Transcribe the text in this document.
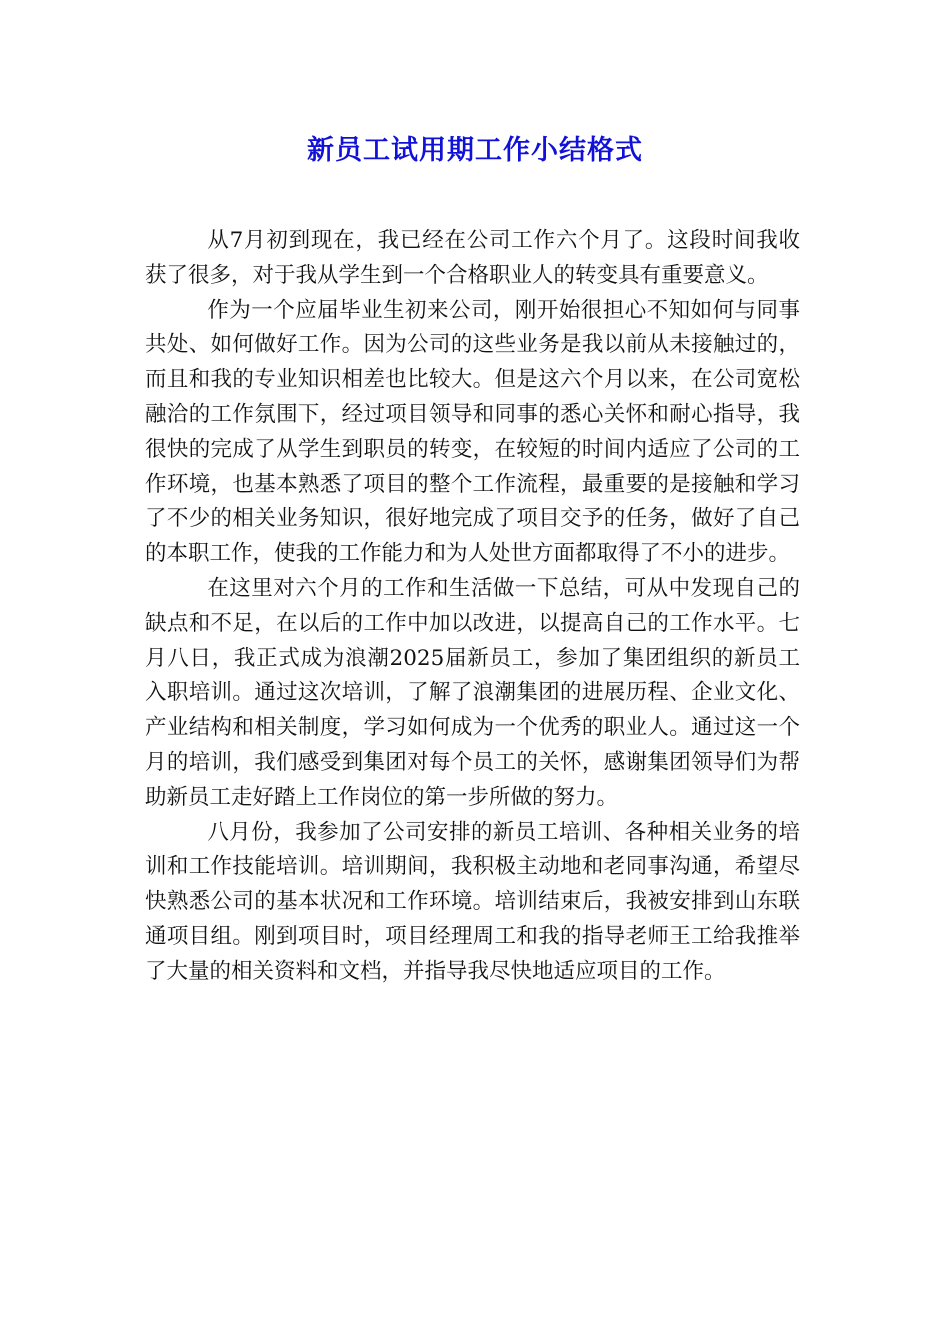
新员工试用期工作小结格式

从7月初到现在，我已经在公司工作六个月了。这段时间我收获了很多，对于我从学生到一个合格职业人的转变具有重要意义。

作为一个应届毕业生初来公司，刚开始很担心不知如何与同事共处、如何做好工作。因为公司的这些业务是我以前从未接触过的，而且和我的专业知识相差也比较大。但是这六个月以来，在公司宽松融洽的工作氛围下，经过项目领导和同事的悉心关怀和耐心指导，我很快的完成了从学生到职员的转变，在较短的时间内适应了公司的工作环境，也基本熟悉了项目的整个工作流程，最重要的是接触和学习了不少的相关业务知识，很好地完成了项目交予的任务，做好了自己的本职工作，使我的工作能力和为人处世方面都取得了不小的进步。

在这里对六个月的工作和生活做一下总结，可从中发现自己的缺点和不足，在以后的工作中加以改进，以提高自己的工作水平。七月八日，我正式成为浪潮2025届新员工，参加了集团组织的新员工入职培训。通过这次培训，了解了浪潮集团的进展历程、企业文化、产业结构和相关制度，学习如何成为一个优秀的职业人。通过这一个月的培训，我们感受到集团对每个员工的关怀，感谢集团领导们为帮助新员工走好踏上工作岗位的第一步所做的努力。

八月份，我参加了公司安排的新员工培训、各种相关业务的培训和工作技能培训。培训期间，我积极主动地和老同事沟通，希望尽快熟悉公司的基本状况和工作环境。培训结束后，我被安排到山东联通项目组。刚到项目时，项目经理周工和我的指导老师王工给我推举了大量的相关资料和文档，并指导我尽快地适应项目的工作。
